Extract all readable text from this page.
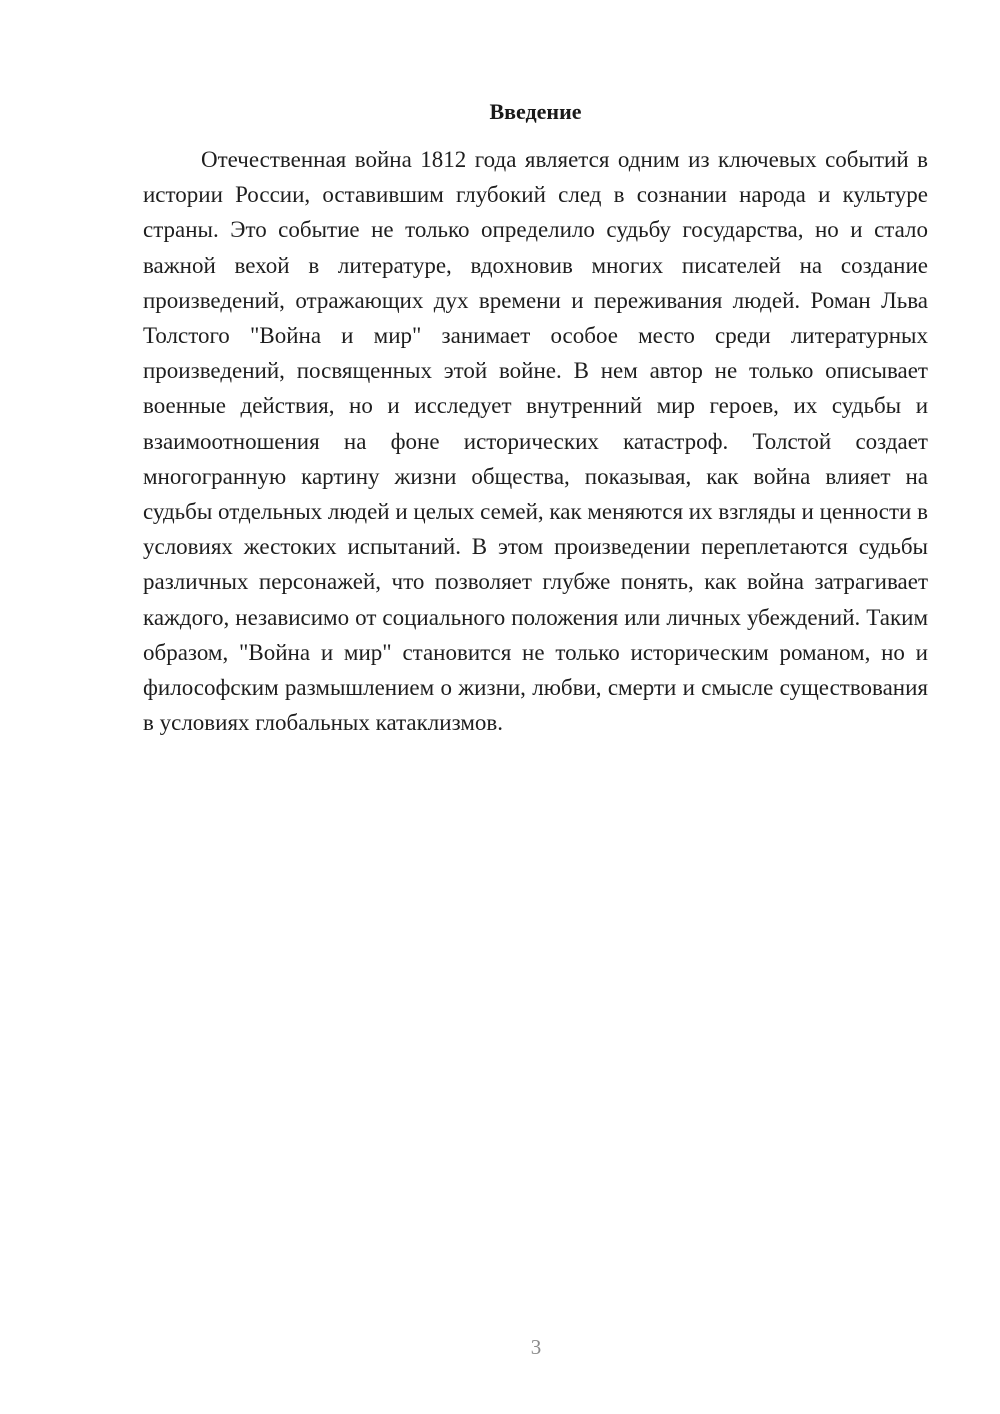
Введение

Отечественная война 1812 года является одним из ключевых событий в истории России, оставившим глубокий след в сознании народа и культуре страны. Это событие не только определило судьбу государства, но и стало важной вехой в литературе, вдохновив многих писателей на создание произведений, отражающих дух времени и переживания людей. Роман Льва Толстого "Война и мир" занимает особое место среди литературных произведений, посвященных этой войне. В нем автор не только описывает военные действия, но и исследует внутренний мир героев, их судьбы и взаимоотношения на фоне исторических катастроф. Толстой создает многогранную картину жизни общества, показывая, как война влияет на судьбы отдельных людей и целых семей, как меняются их взгляды и ценности в условиях жестоких испытаний. В этом произведении переплетаются судьбы различных персонажей, что позволяет глубже понять, как война затрагивает каждого, независимо от социального положения или личных убеждений. Таким образом, "Война и мир" становится не только историческим романом, но и философским размышлением о жизни, любви, смерти и смысле существования в условиях глобальных катаклизмов.

3
